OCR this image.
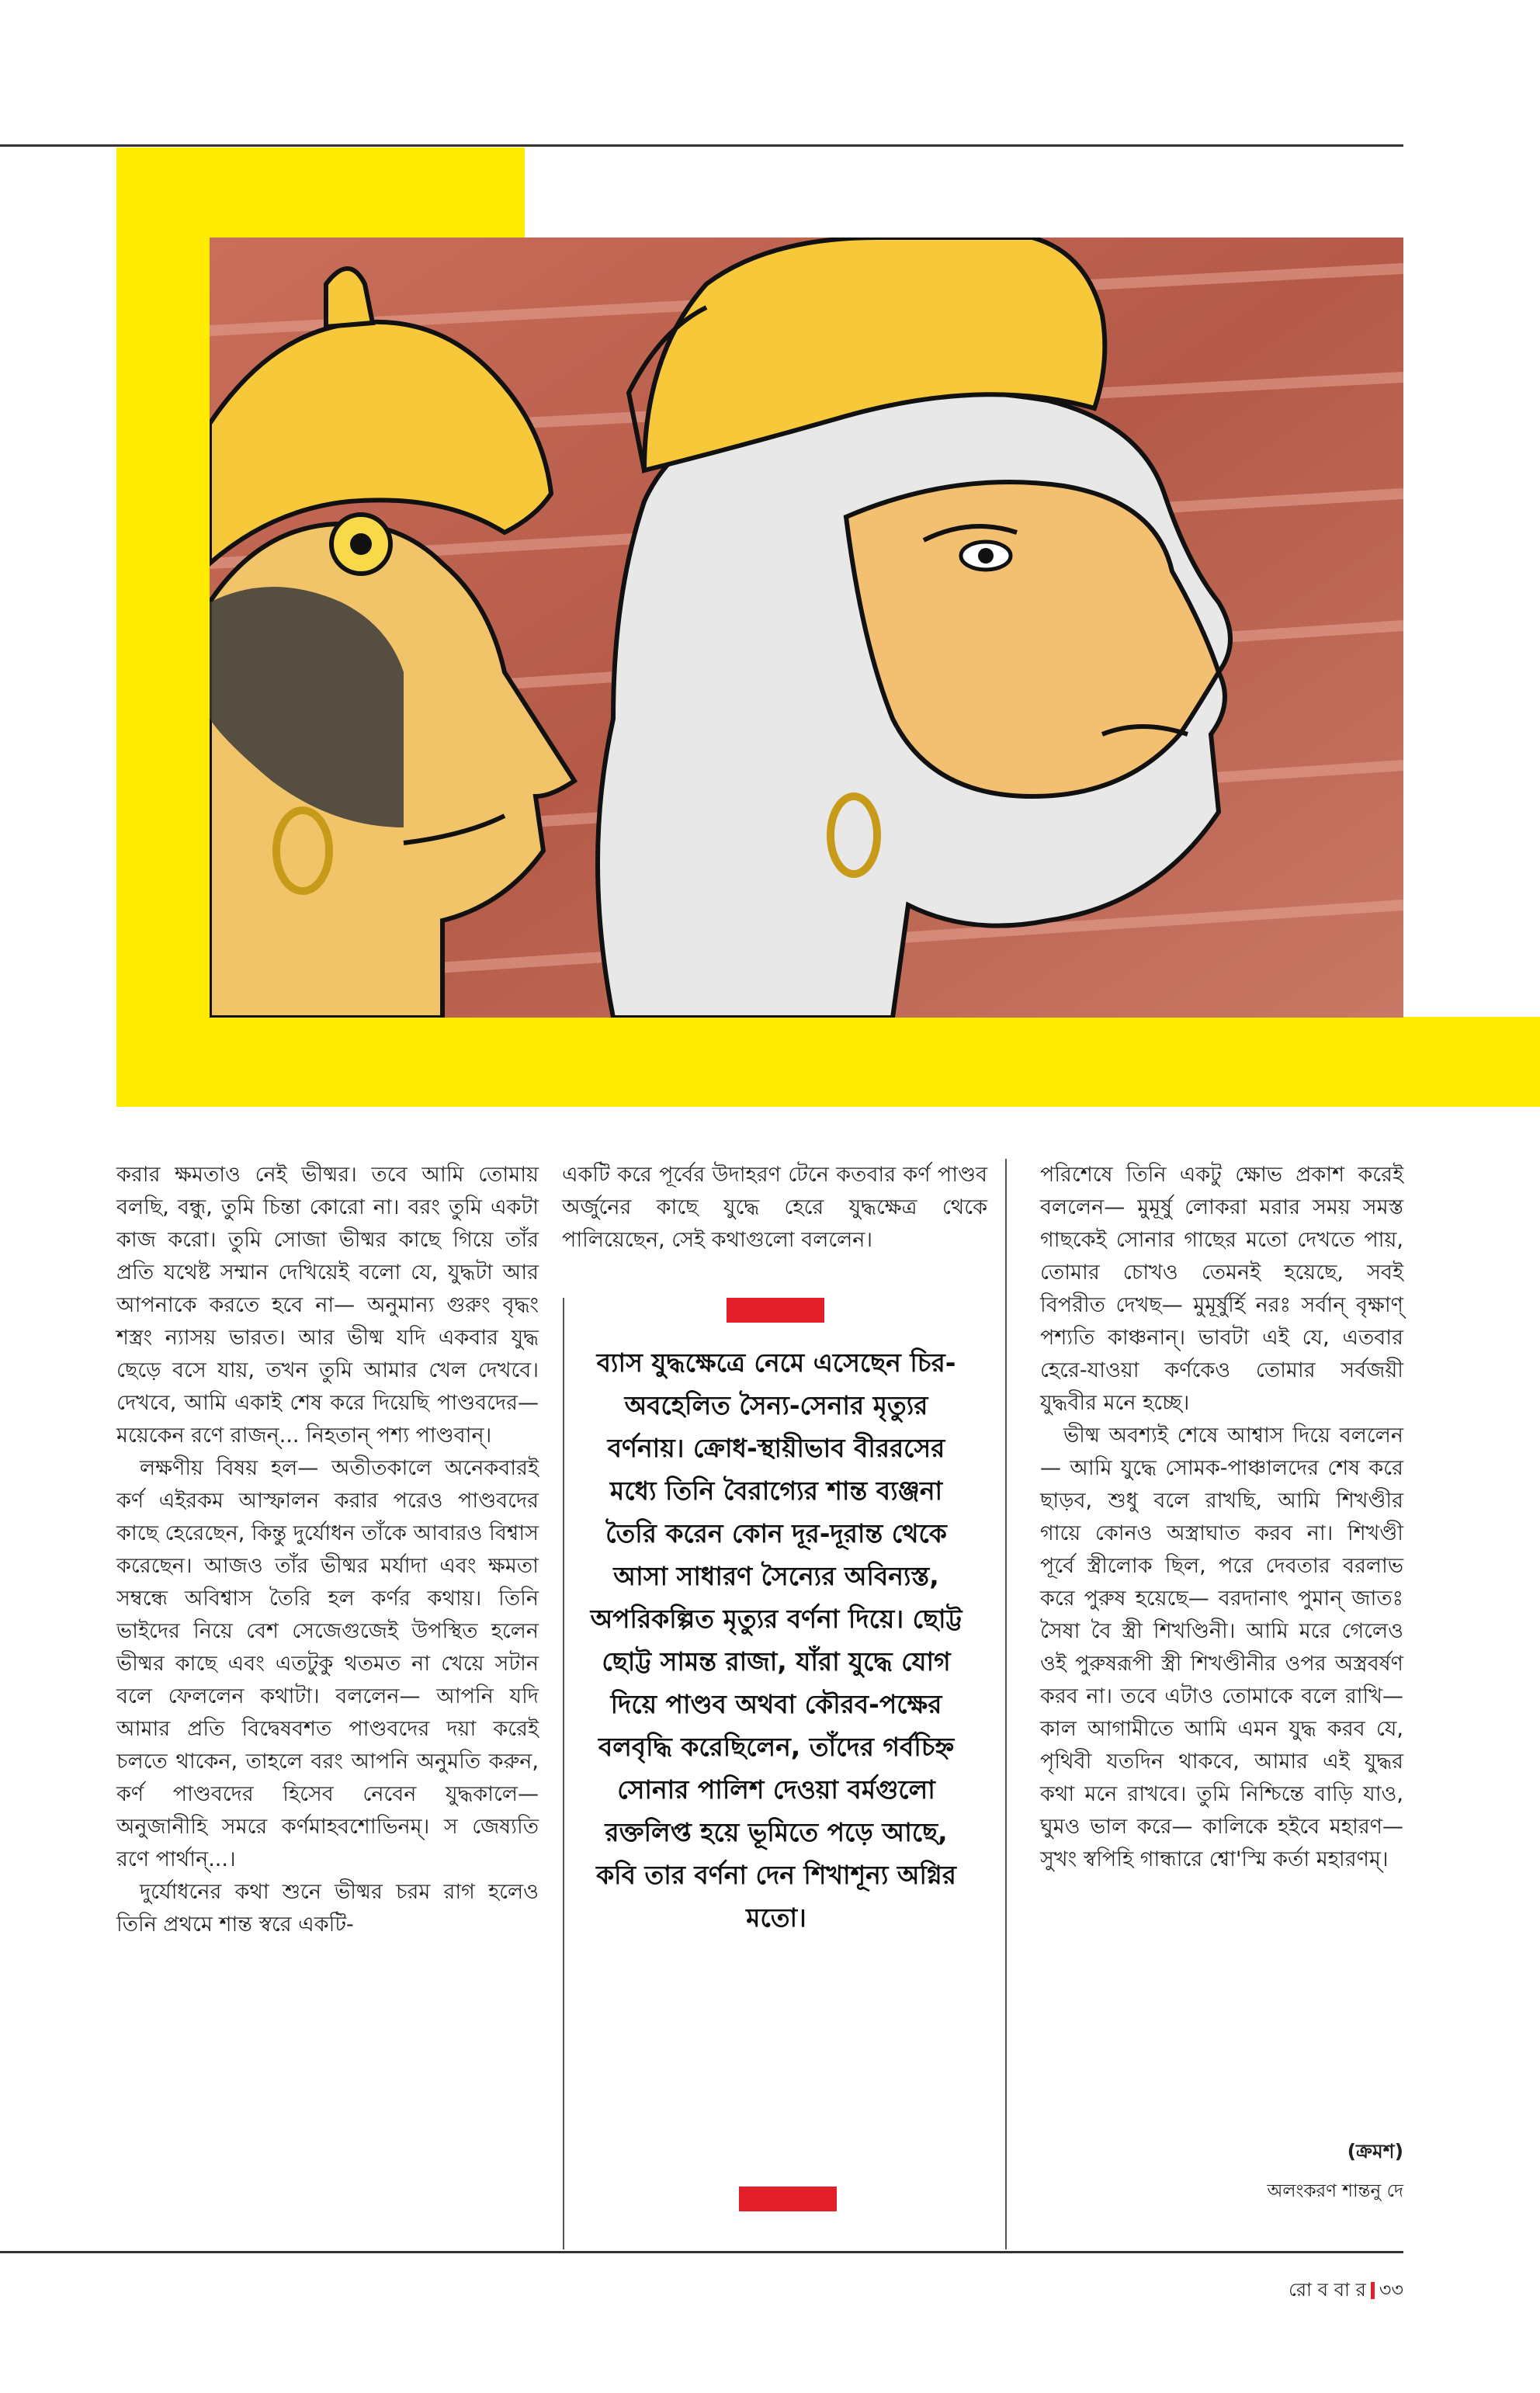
করার ক্ষমতাও নেই ভীষ্মর। তবে আমি তোমায় বলছি, বন্ধু, তুমি চিন্তা কোরো না। বরং তুমি একটা কাজ করো। তুমি সোজা ভীষ্মর কাছে গিয়ে তাঁর প্রতি যথেষ্ট সম্মান দেখিয়েই বলো যে, যুদ্ধটা আর আপনাকে করতে হবে না— অনুমান্য গুরুং বৃদ্ধং শস্ত্রং ন্যাসয় ভারত। আর ভীষ্ম যদি একবার যুদ্ধ ছেড়ে বসে যায়, তখন তুমি আমার খেল দেখবে। দেখবে, আমি একাই শেষ করে দিয়েছি পাণ্ডবদের— ময়েকেন রণে রাজন্... নিহতান্ পশ্য পাণ্ডবান্।

লক্ষণীয় বিষয় হল— অতীতকালে অনেকবারই কর্ণ এইরকম আস্ফালন করার পরেও পাণ্ডবদের কাছে হেরেছেন, কিন্তু দুর্যোধন তাঁকে আবারও বিশ্বাস করেছেন। আজও তাঁর ভীষ্মর মর্যাদা এবং ক্ষমতা সম্বন্ধে অবিশ্বাস তৈরি হল কর্ণর কথায়। তিনি ভাইদের নিয়ে বেশ সেজেগুজেই উপস্থিত হলেন ভীষ্মর কাছে এবং এতটুকু থতমত না খেয়ে সটান বলে ফেললেন কথাটা। বললেন— আপনি যদি আমার প্রতি বিদ্বেষবশত পাণ্ডবদের দয়া করেই চলতে থাকেন, তাহলে বরং আপনি অনুমতি করুন, কর্ণ পাণ্ডবদের হিসেব নেবেন যুদ্ধকালে— অনুজানীহি সমরে কর্ণমাহবশোভিনম্। স জেষ্যতি রণে পার্থান্...।

দুর্যোধনের কথা শুনে ভীষ্মর চরম রাগ হলেও তিনি প্রথমে শান্ত স্বরে একটি-

একটি করে পূর্বের উদাহরণ টেনে কতবার কর্ণ পাণ্ডব অর্জুনের কাছে যুদ্ধে হেরে যুদ্ধক্ষেত্র থেকে পালিয়েছেন, সেই কথাগুলো বললেন।

ব্যাস যুদ্ধক্ষেত্রে নেমে এসেছেন চির-অবহেলিত সৈন্য-সেনার মৃত্যুর বর্ণনায়। ক্রোধ-স্থায়ীভাব বীররসের মধ্যে তিনি বৈরাগ্যের শান্ত ব্যঞ্জনা তৈরি করেন কোন দূর-দূরান্ত থেকে আসা সাধারণ সৈন্যের অবিন্যস্ত, অপরিকল্পিত মৃত্যুর বর্ণনা দিয়ে। ছোট্ট ছোট্ট সামন্ত রাজা, যাঁরা যুদ্ধে যোগ দিয়ে পাণ্ডব অথবা কৌরব-পক্ষের বলবৃদ্ধি করেছিলেন, তাঁদের গর্বচিহ্ন সোনার পালিশ দেওয়া বর্মগুলো রক্তলিপ্ত হয়ে ভূমিতে পড়ে আছে, কবি তার বর্ণনা দেন শিখাশূন্য অগ্নির মতো।

পরিশেষে তিনি একটু ক্ষোভ প্রকাশ করেই বললেন— মুমূর্ষু লোকরা মরার সময় সমস্ত গাছকেই সোনার গাছের মতো দেখতে পায়, তোমার চোখও তেমনই হয়েছে, সবই বিপরীত দেখছ— মুমূর্ষুর্হি নরঃ সর্বান্ বৃক্ষাণ্ পশ্যতি কাঞ্চনান্। ভাবটা এই যে, এতবার হেরে-যাওয়া কর্ণকেও তোমার সর্বজয়ী যুদ্ধবীর মনে হচ্ছে।

ভীষ্ম অবশ্যই শেষে আশ্বাস দিয়ে বললেন— আমি যুদ্ধে সোমক-পাঞ্চালদের শেষ করে ছাড়ব, শুধু বলে রাখছি, আমি শিখণ্ডীর গায়ে কোনও অস্ত্রাঘাত করব না। শিখণ্ডী পূর্বে স্ত্রীলোক ছিল, পরে দেবতার বরলাভ করে পুরুষ হয়েছে— বরদানাৎ পুমান্ জাতঃ সৈষা বৈ স্ত্রী শিখণ্ডিনী। আমি মরে গেলেও ওই পুরুষরূপী স্ত্রী শিখণ্ডীনীর ওপর অস্ত্রবর্ষণ করব না। তবে এটাও তোমাকে বলে রাখি— কাল আগামীতে আমি এমন যুদ্ধ করব যে, পৃথিবী যতদিন থাকবে, আমার এই যুদ্ধর কথা মনে রাখবে। তুমি নিশ্চিন্তে বাড়ি যাও, ঘুমও ভাল করে— কালিকে হইবে মহারণ— সুখং স্বপিহি গান্ধারে শ্বো'স্মি কর্তা মহারণম্।

(ক্রমশ)
অলংকরণ শান্তনু দে
রো ব বা র ৩৩
